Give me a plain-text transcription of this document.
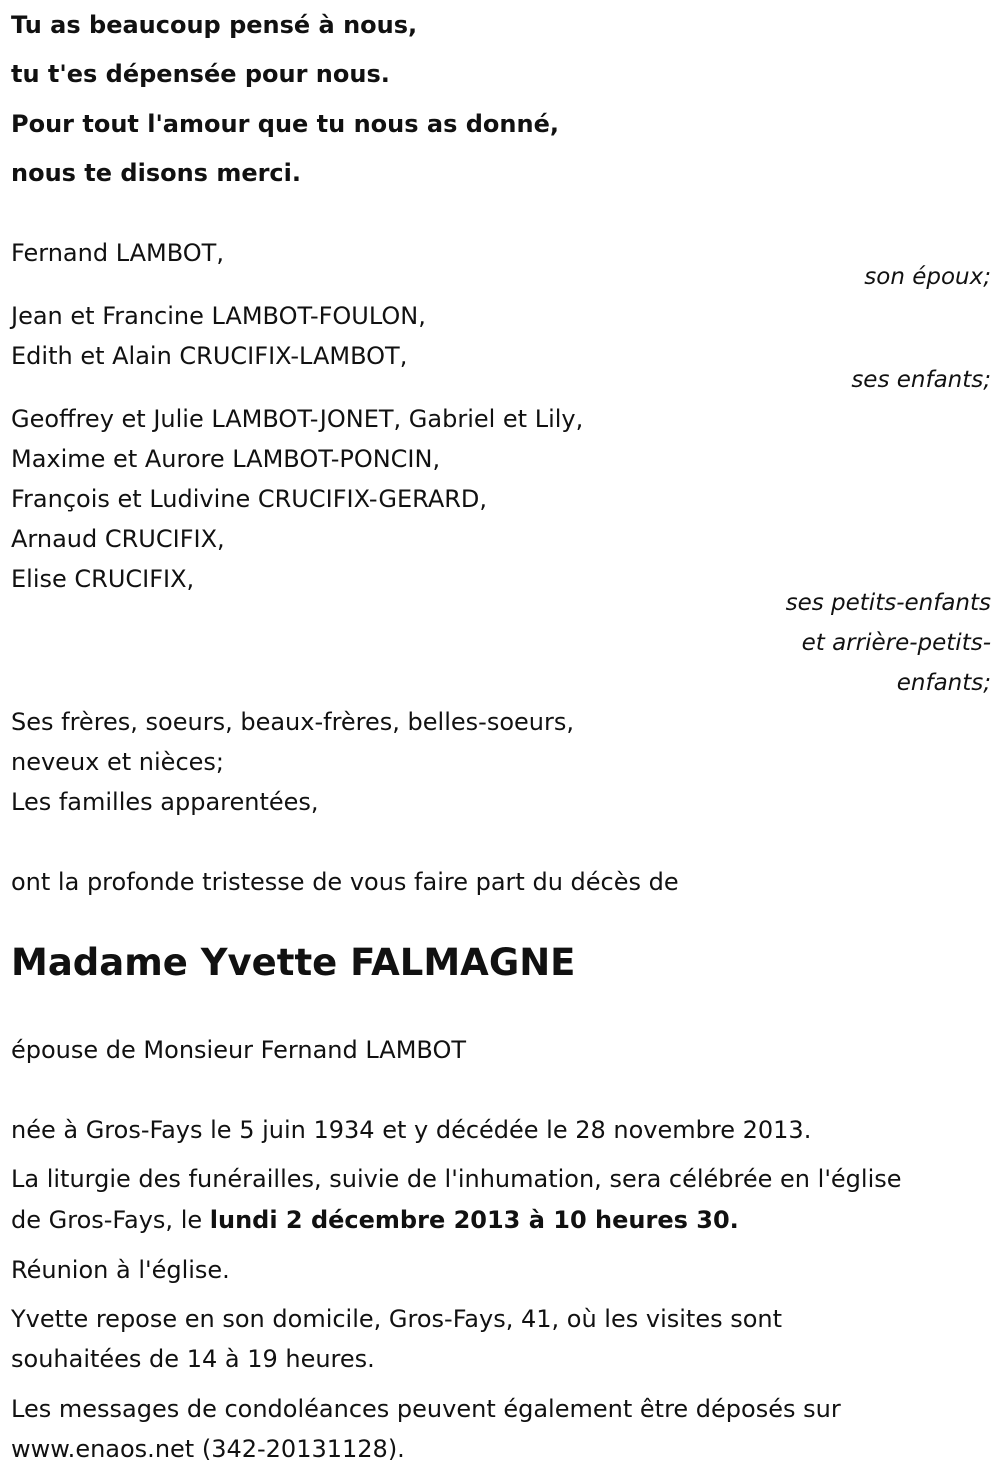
Tu as beaucoup pensé à nous,
tu t'es dépensée pour nous.
Pour tout l'amour que tu nous as donné,
nous te disons merci.
Fernand LAMBOT,
son époux;
Jean et Francine LAMBOT-FOULON,
Edith et Alain CRUCIFIX-LAMBOT,
ses enfants;
Geoffrey et Julie LAMBOT-JONET, Gabriel et Lily,
Maxime et Aurore LAMBOT-PONCIN,
François et Ludivine CRUCIFIX-GERARD,
Arnaud CRUCIFIX,
Elise CRUCIFIX,
ses petits-enfants
et arrière-petits-
enfants;
Ses frères, soeurs, beaux-frères, belles-soeurs,
neveux et nièces;
Les familles apparentées,
ont la profonde tristesse de vous faire part du décès de
Madame Yvette FALMAGNE
épouse de Monsieur Fernand LAMBOT
née à Gros-Fays le 5 juin 1934 et y décédée le 28 novembre 2013.
La liturgie des funérailles, suivie de l'inhumation, sera célébrée en l'église
de Gros-Fays, le lundi 2 décembre 2013 à 10 heures 30.
Réunion à l'église.
Yvette repose en son domicile, Gros-Fays, 41, où les visites sont
souhaitées de 14 à 19 heures.
Les messages de condoléances peuvent également être déposés sur
www.enaos.net (342-20131128).
